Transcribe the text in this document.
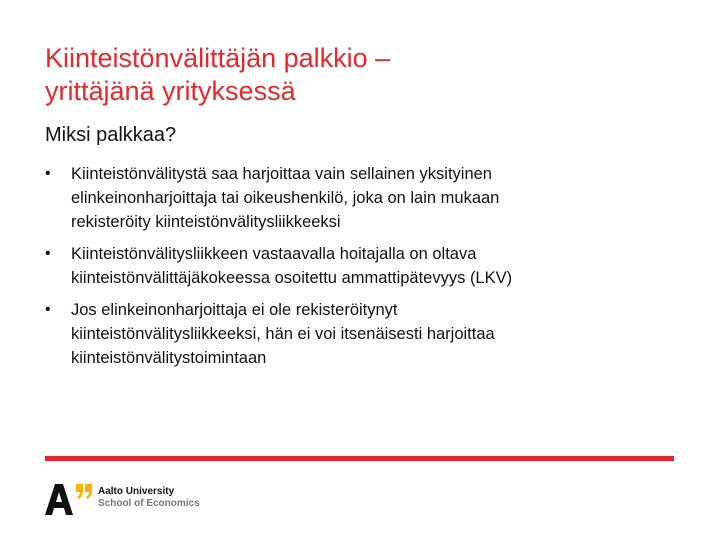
Kiinteistönvälittäjän palkkio –
yrittäjänä yrityksessä

Miksi palkkaa?

•	Kiinteistönvälitystä saa harjoittaa vain sellainen yksityinen
elinkeinonharjoittaja tai oikeushenkilö, joka on lain mukaan
rekisteröity kiinteistönvälitysliikkeeksi
•	Kiinteistönvälitysliikkeen vastaavalla hoitajalla on oltava
kiinteistönvälittäjäkokeessa osoitettu ammattipätevyys (LKV)
•	Jos elinkeinonharjoittaja ei ole rekisteröitynyt
kiinteistönvälitysliikkeeksi, hän ei voi itsenäisesti harjoittaa
kiinteistönvälitystoimintaan
Aalto University
School of Economics
